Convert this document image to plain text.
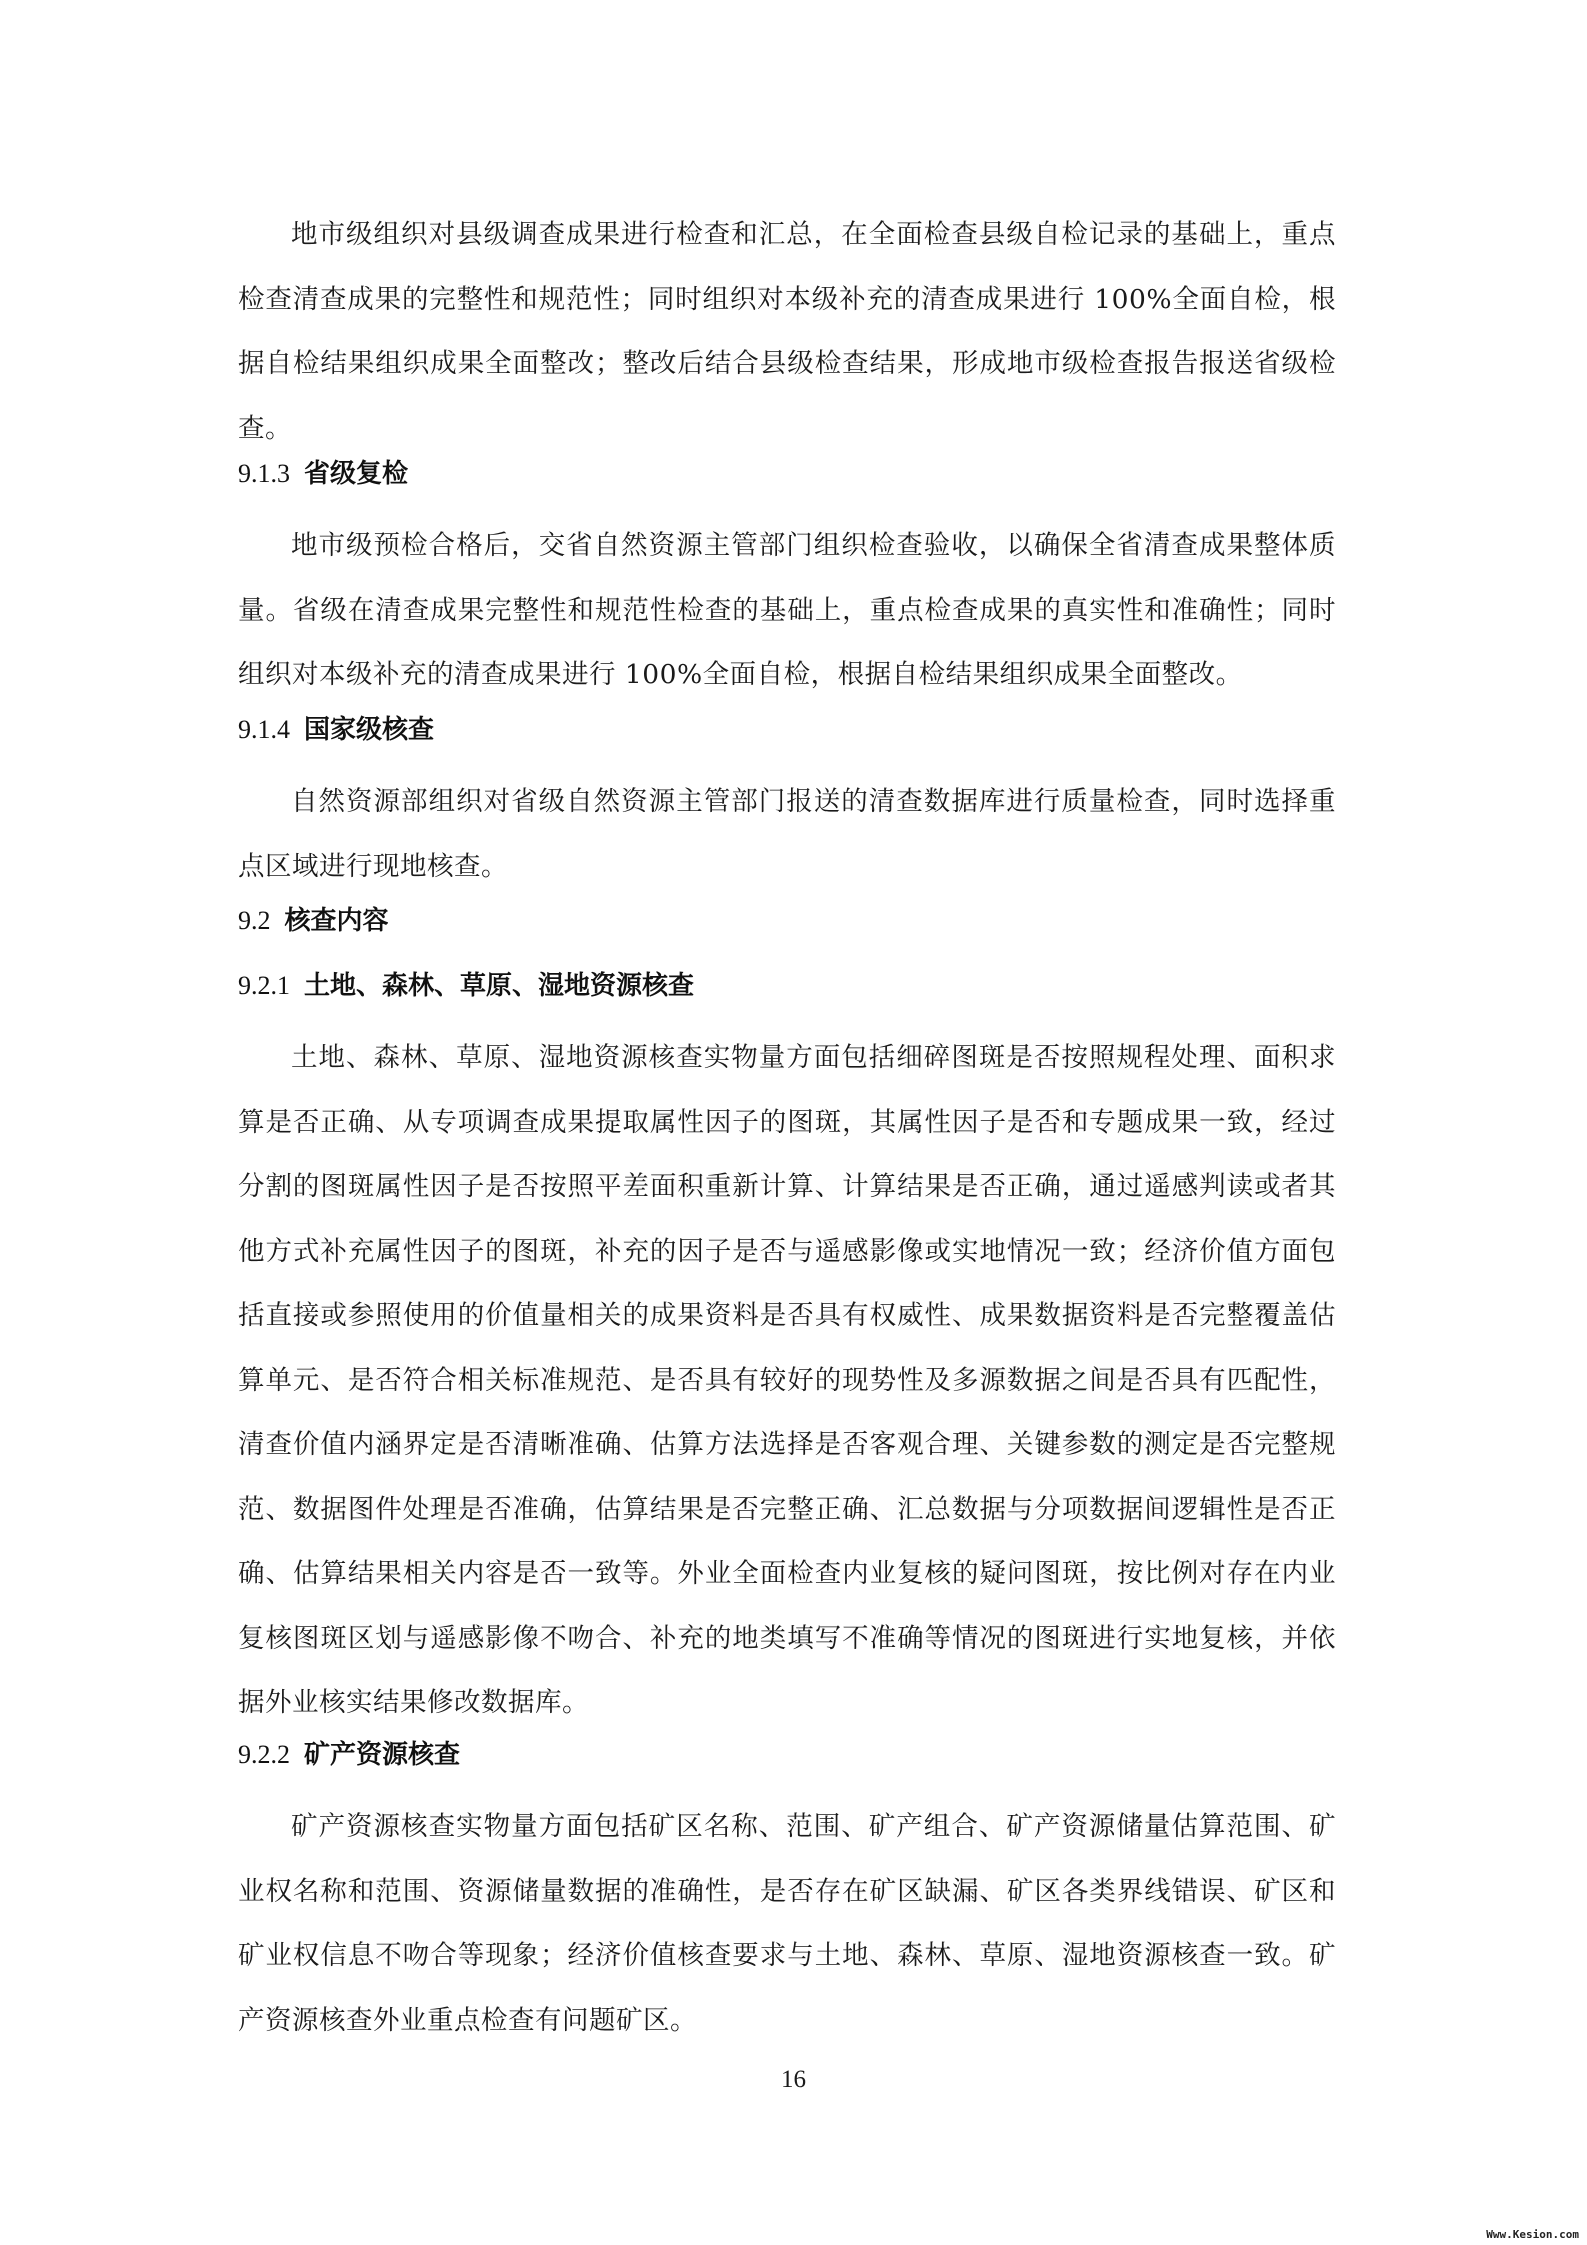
地市级组织对县级调查成果进行检查和汇总，在全面检查县级自检记录的基础上，重点检查清查成果的完整性和规范性；同时组织对本级补充的清查成果进行 100%全面自检，根据自检结果组织成果全面整改；整改后结合县级检查结果，形成地市级检查报告报送省级检查。

9.1.3 省级复检

地市级预检合格后，交省自然资源主管部门组织检查验收，以确保全省清查成果整体质量。省级在清查成果完整性和规范性检查的基础上，重点检查成果的真实性和准确性；同时组织对本级补充的清查成果进行 100%全面自检，根据自检结果组织成果全面整改。

9.1.4 国家级核查

自然资源部组织对省级自然资源主管部门报送的清查数据库进行质量检查，同时选择重点区域进行现地核查。

9.2 核查内容
9.2.1 土地、森林、草原、湿地资源核查

土地、森林、草原、湿地资源核查实物量方面包括细碎图斑是否按照规程处理、面积求算是否正确、从专项调查成果提取属性因子的图斑，其属性因子是否和专题成果一致，经过分割的图斑属性因子是否按照平差面积重新计算、计算结果是否正确，通过遥感判读或者其他方式补充属性因子的图斑，补充的因子是否与遥感影像或实地情况一致；经济价值方面包括直接或参照使用的价值量相关的成果资料是否具有权威性、成果数据资料是否完整覆盖估算单元、是否符合相关标准规范、是否具有较好的现势性及多源数据之间是否具有匹配性，清查价值内涵界定是否清晰准确、估算方法选择是否客观合理、关键参数的测定是否完整规范、数据图件处理是否准确，估算结果是否完整正确、汇总数据与分项数据间逻辑性是否正确、估算结果相关内容是否一致等。外业全面检查内业复核的疑问图斑，按比例对存在内业复核图斑区划与遥感影像不吻合、补充的地类填写不准确等情况的图斑进行实地复核，并依据外业核实结果修改数据库。

9.2.2 矿产资源核查

矿产资源核查实物量方面包括矿区名称、范围、矿产组合、矿产资源储量估算范围、矿业权名称和范围、资源储量数据的准确性，是否存在矿区缺漏、矿区各类界线错误、矿区和矿业权信息不吻合等现象；经济价值核查要求与土地、森林、草原、湿地资源核查一致。矿产资源核查外业重点检查有问题矿区。

16
Www.Kesion.com
